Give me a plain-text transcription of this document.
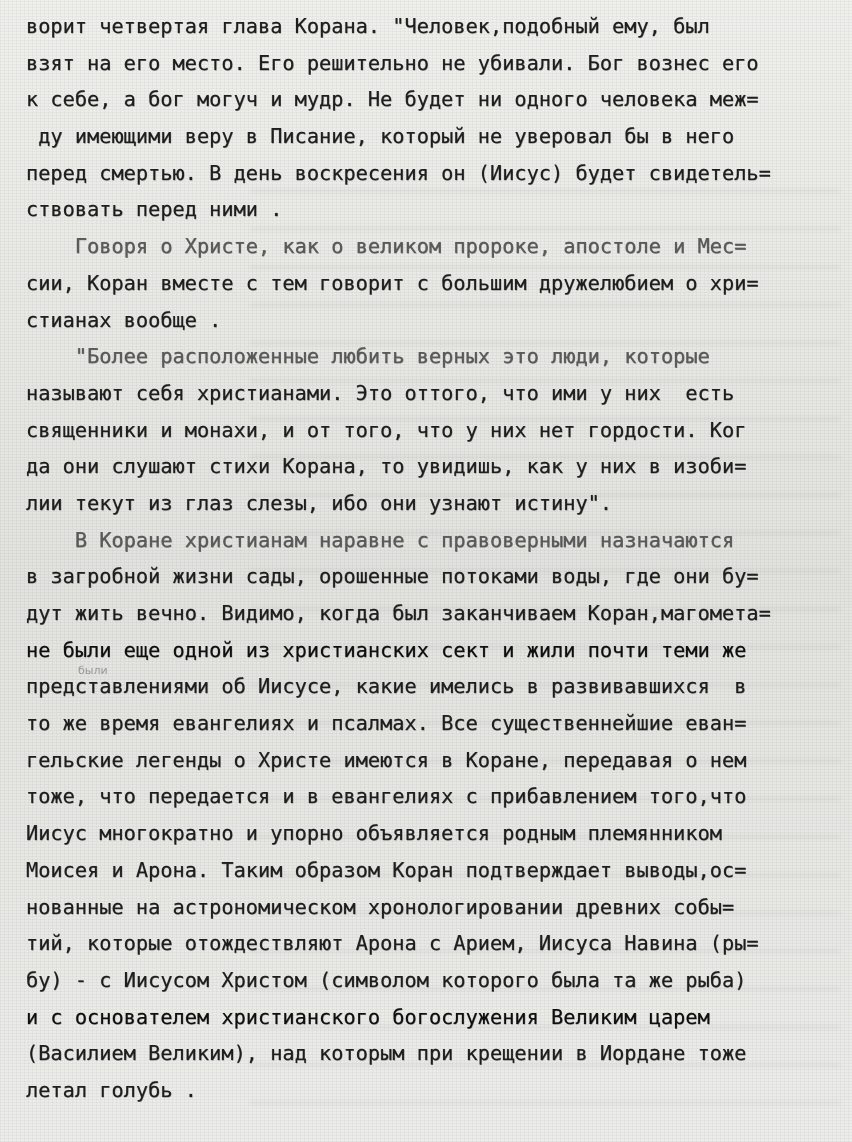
ворит четвертая глава Корана. "Человек,подобный ему, был
взят на его место. Его решительно не убивали. Бог вознес его
к себе, а бог могуч и мудр. Не будет ни одного человека меж=
ду имеющими веру в Писание, который не уверовал бы в него
перед смертью. В день воскресения он (Иисус) будет свидетель=
ствовать перед ними .
Говоря о Христе, как о великом пророке, апостоле и Мес=
сии, Коран вместе с тем говорит с большим дружелюбием о хри=
стианах вообще .
"Более расположенные любить верных это люди, которые
называют себя христианами. Это оттого, что ими у них  есть
священники и монахи, и от того, что у них нет гордости. Ког
да они слушают стихи Корана, то увидишь, как у них в изоби=
лии текут из глаз слезы, ибо они узнают истину".
В Коране христианам наравне с правоверными назначаются
в загробной жизни сады, орошенные потоками воды, где они бу=
дут жить вечно. Видимо, когда был заканчиваем Коран,магомета=
не были еще одной из христианских сект и жили почти теми же
представлениями об Иисусе, какие имелись в развивавшихся  в
то же время евангелиях и псалмах. Все существеннейшие еван=
гельские легенды о Христе имеются в Коране, передавая о нем
тоже, что передается и в евангелиях с прибавлением того,что
Иисус многократно и упорно объявляется родным племянником
Моисея и Арона. Таким образом Коран подтверждает выводы,ос=
нованные на астрономическом хронологировании древних собы=
тий, которые отождествляют Арона с Арием, Иисуса Навина (ры=
бу) - с Иисусом Христом (символом которого была та же рыба)
и с основателем христианского богослужения Великим царем
(Василием Великим), над которым при крещении в Иордане тоже
летал голубь .
были
